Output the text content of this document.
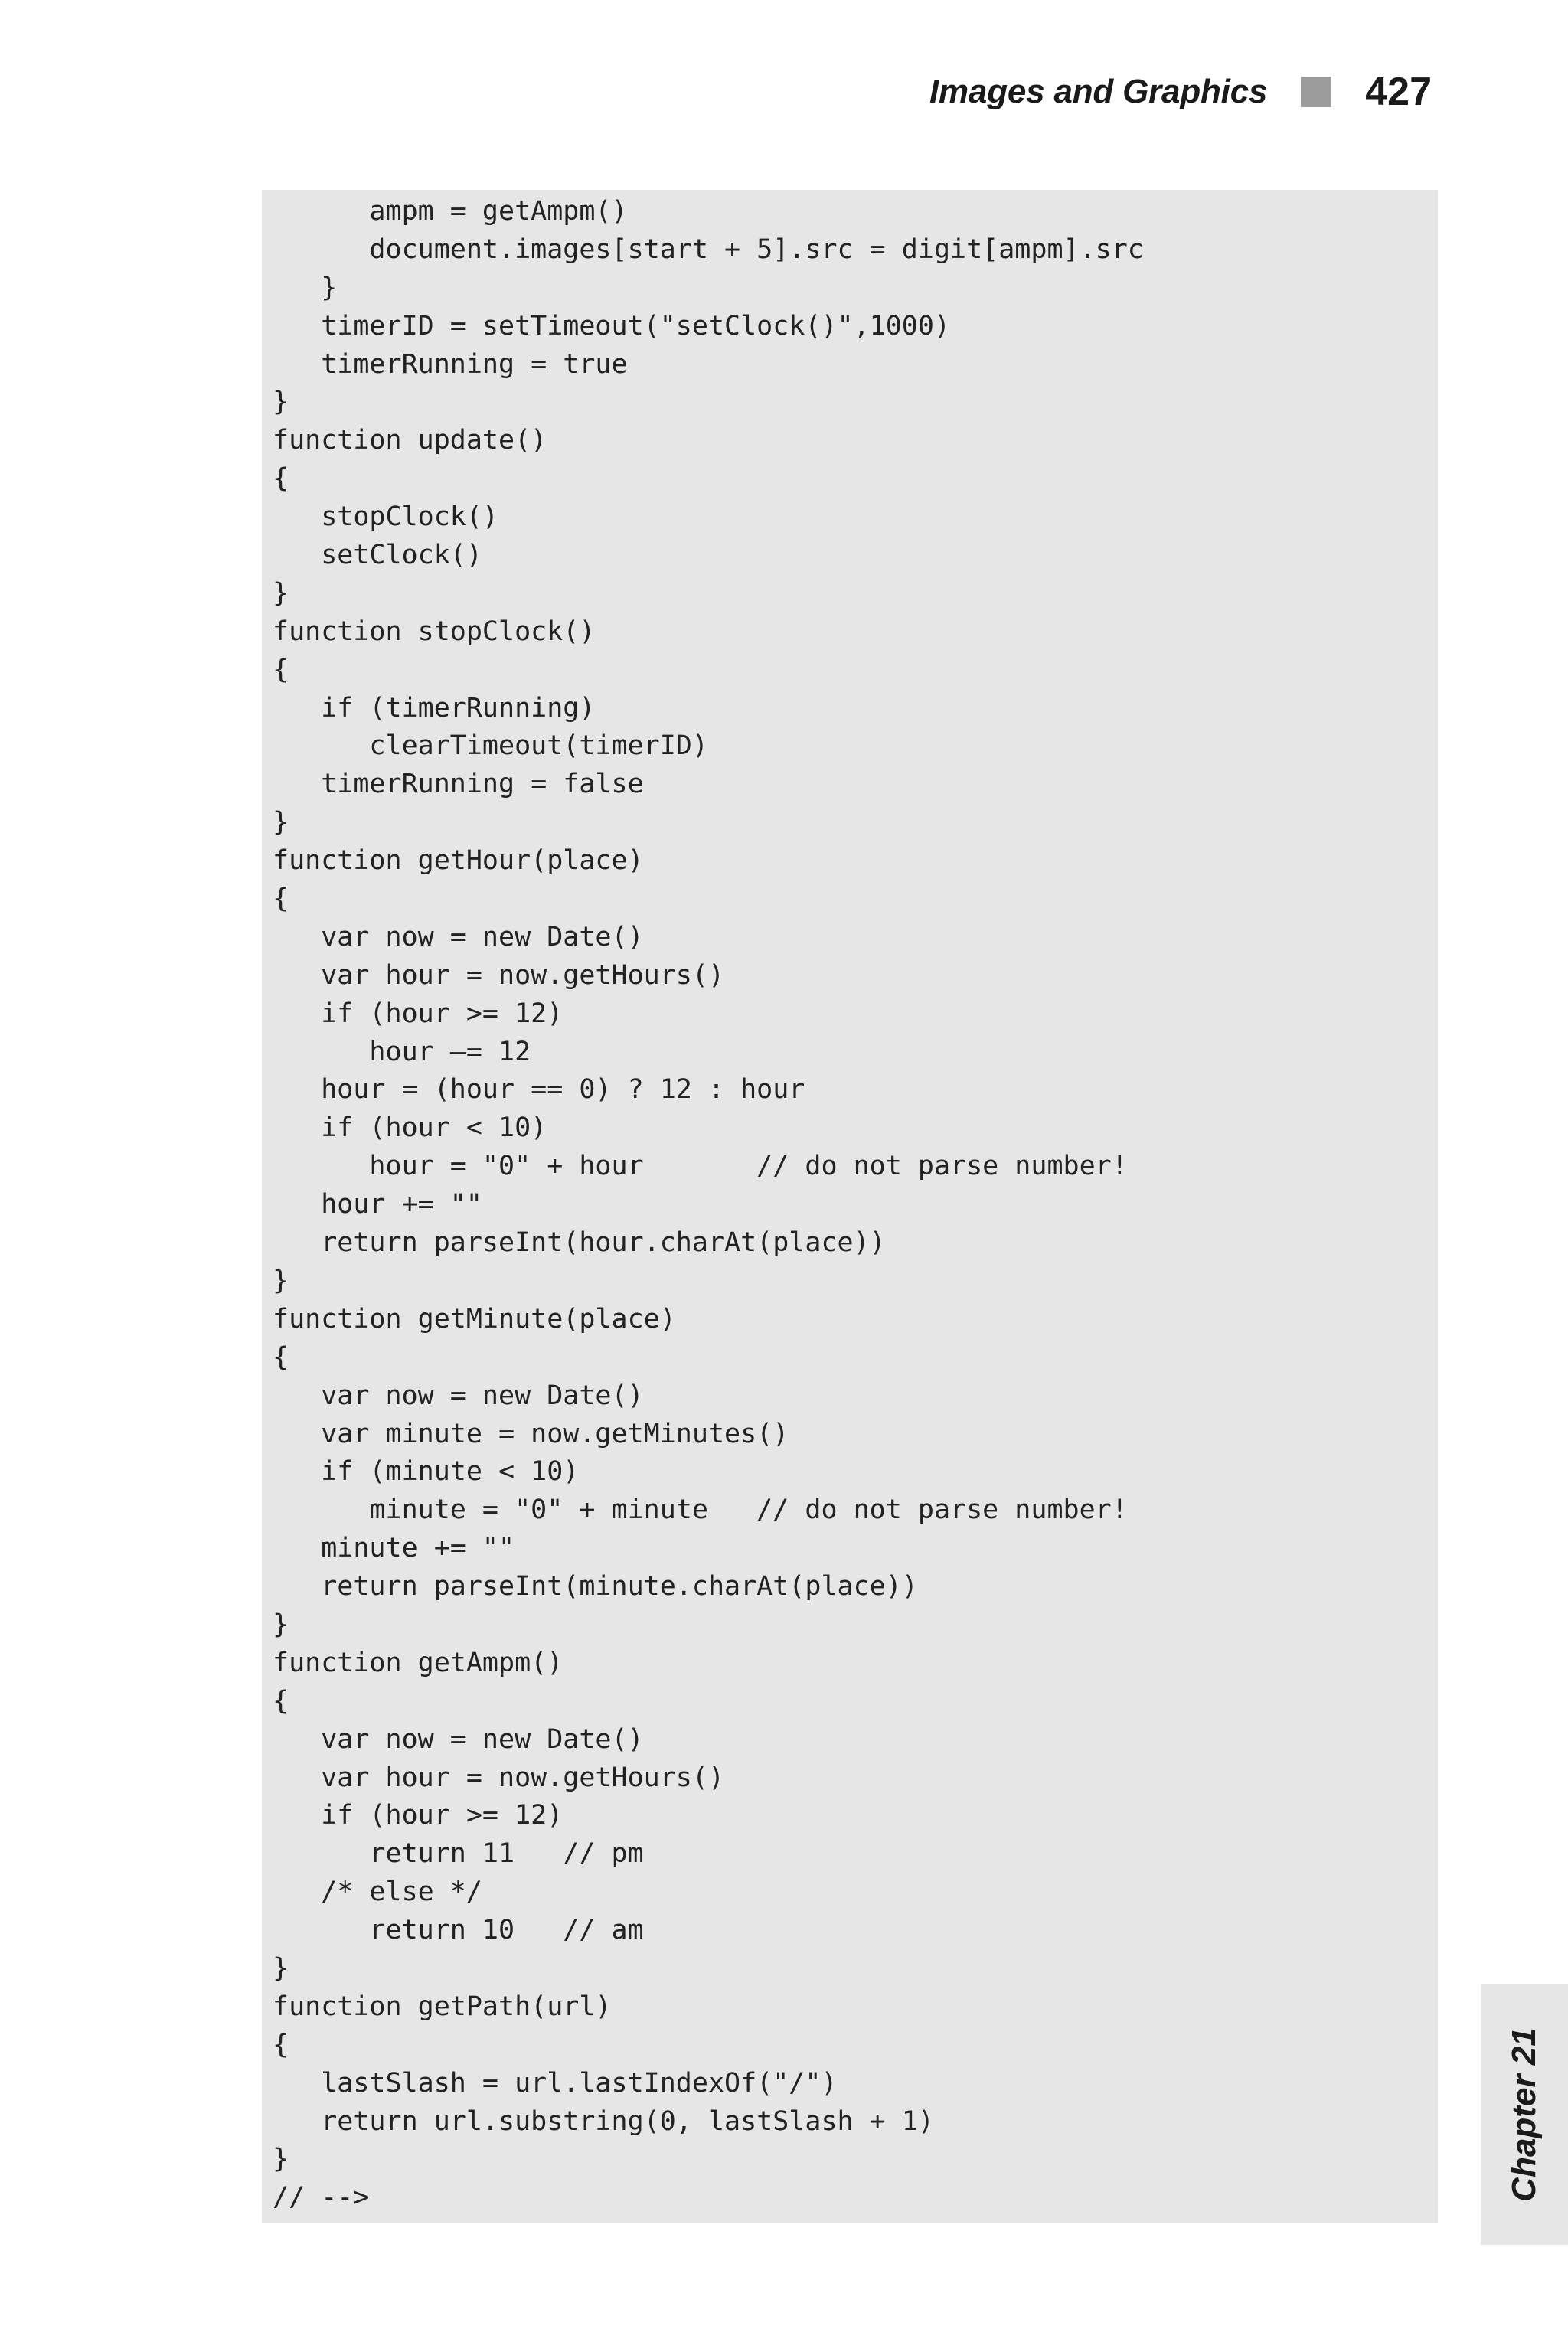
Images and Graphics 427
ampm = getAmpm()
document.images[start + 5].src = digit[ampm].src
}
timerID = setTimeout("setClock()",1000)
timerRunning = true
}
function update()
{
stopClock()
setClock()
}
function stopClock()
{
if (timerRunning)
clearTimeout(timerID)
timerRunning = false
}
function getHour(place)
{
var now = new Date()
var hour = now.getHours()
if (hour >= 12)
hour —= 12
hour = (hour == 0) ? 12 : hour
if (hour < 10)
hour = "0" + hour       // do not parse number!
hour += ""
return parseInt(hour.charAt(place))
}
function getMinute(place)
{
var now = new Date()
var minute = now.getMinutes()
if (minute < 10)
minute = "0" + minute   // do not parse number!
minute += ""
return parseInt(minute.charAt(place))
}
function getAmpm()
{
var now = new Date()
var hour = now.getHours()
if (hour >= 12)
return 11   // pm
/* else */
return 10   // am
}
function getPath(url)
{
lastSlash = url.lastIndexOf("/")
return url.substring(0, lastSlash + 1)
}
// -->	Chapter 21
